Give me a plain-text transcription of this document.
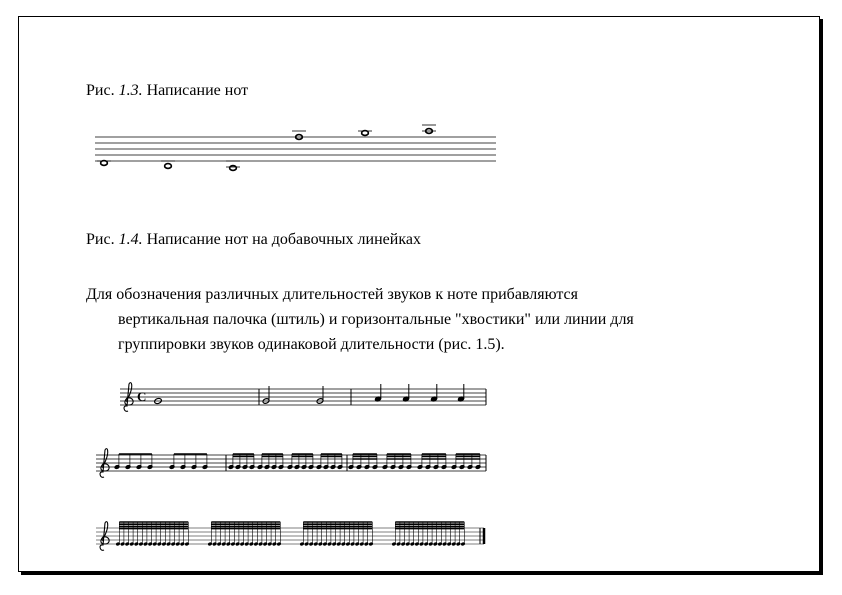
Рис. 1.3. Написание нот
Рис. 1.4. Написание нот на добавочных линейках
Для обозначения различных длительностей звуков к ноте прибавляются
вертикальная палочка (штиль) и горизонтальные "хвостики" или линии для
группировки звуков одинаковой длительности (рис. 1.5).
C
